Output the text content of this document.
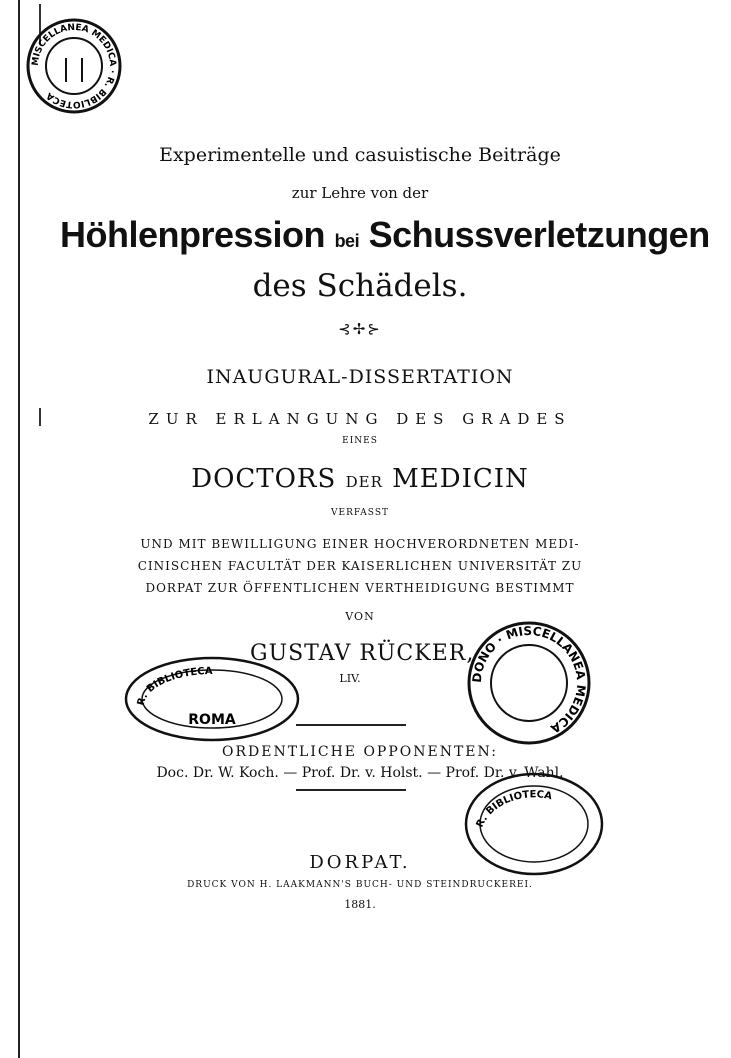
MISCELLANEA MEDICA · R. BIBLIOTECA
Experimentelle und casuistische Beiträge
zur Lehre von der
Höhlenpression bei Schussverletzungen
des Schädels.
⊰✢⊱
INAUGURAL-DISSERTATION
ZUR ERLANGUNG DES GRADES
EINES
DOCTORS DER MEDICIN
VERFASST
UND MIT BEWILLIGUNG EINER HOCHVERORDNETEN MEDI-
CINISCHEN FACULTÄT DER KAISERLICHEN UNIVERSITÄT ZU
DORPAT ZUR ÖFFENTLICHEN VERTHEIDIGUNG BESTIMMT
VON
GUSTAV RÜCKER,
LIV.
R. BIBLIOTECA
ROMA
DONO · MISCELLANEA MEDICA
ORDENTLICHE OPPONENTEN:
Doc. Dr. W. Koch. — Prof. Dr. v. Holst. — Prof. Dr. v. Wahl.
R. BIBLIOTECA
DORPAT.
DRUCK VON H. LAAKMANN'S BUCH- UND STEINDRUCKEREI.
1881.
